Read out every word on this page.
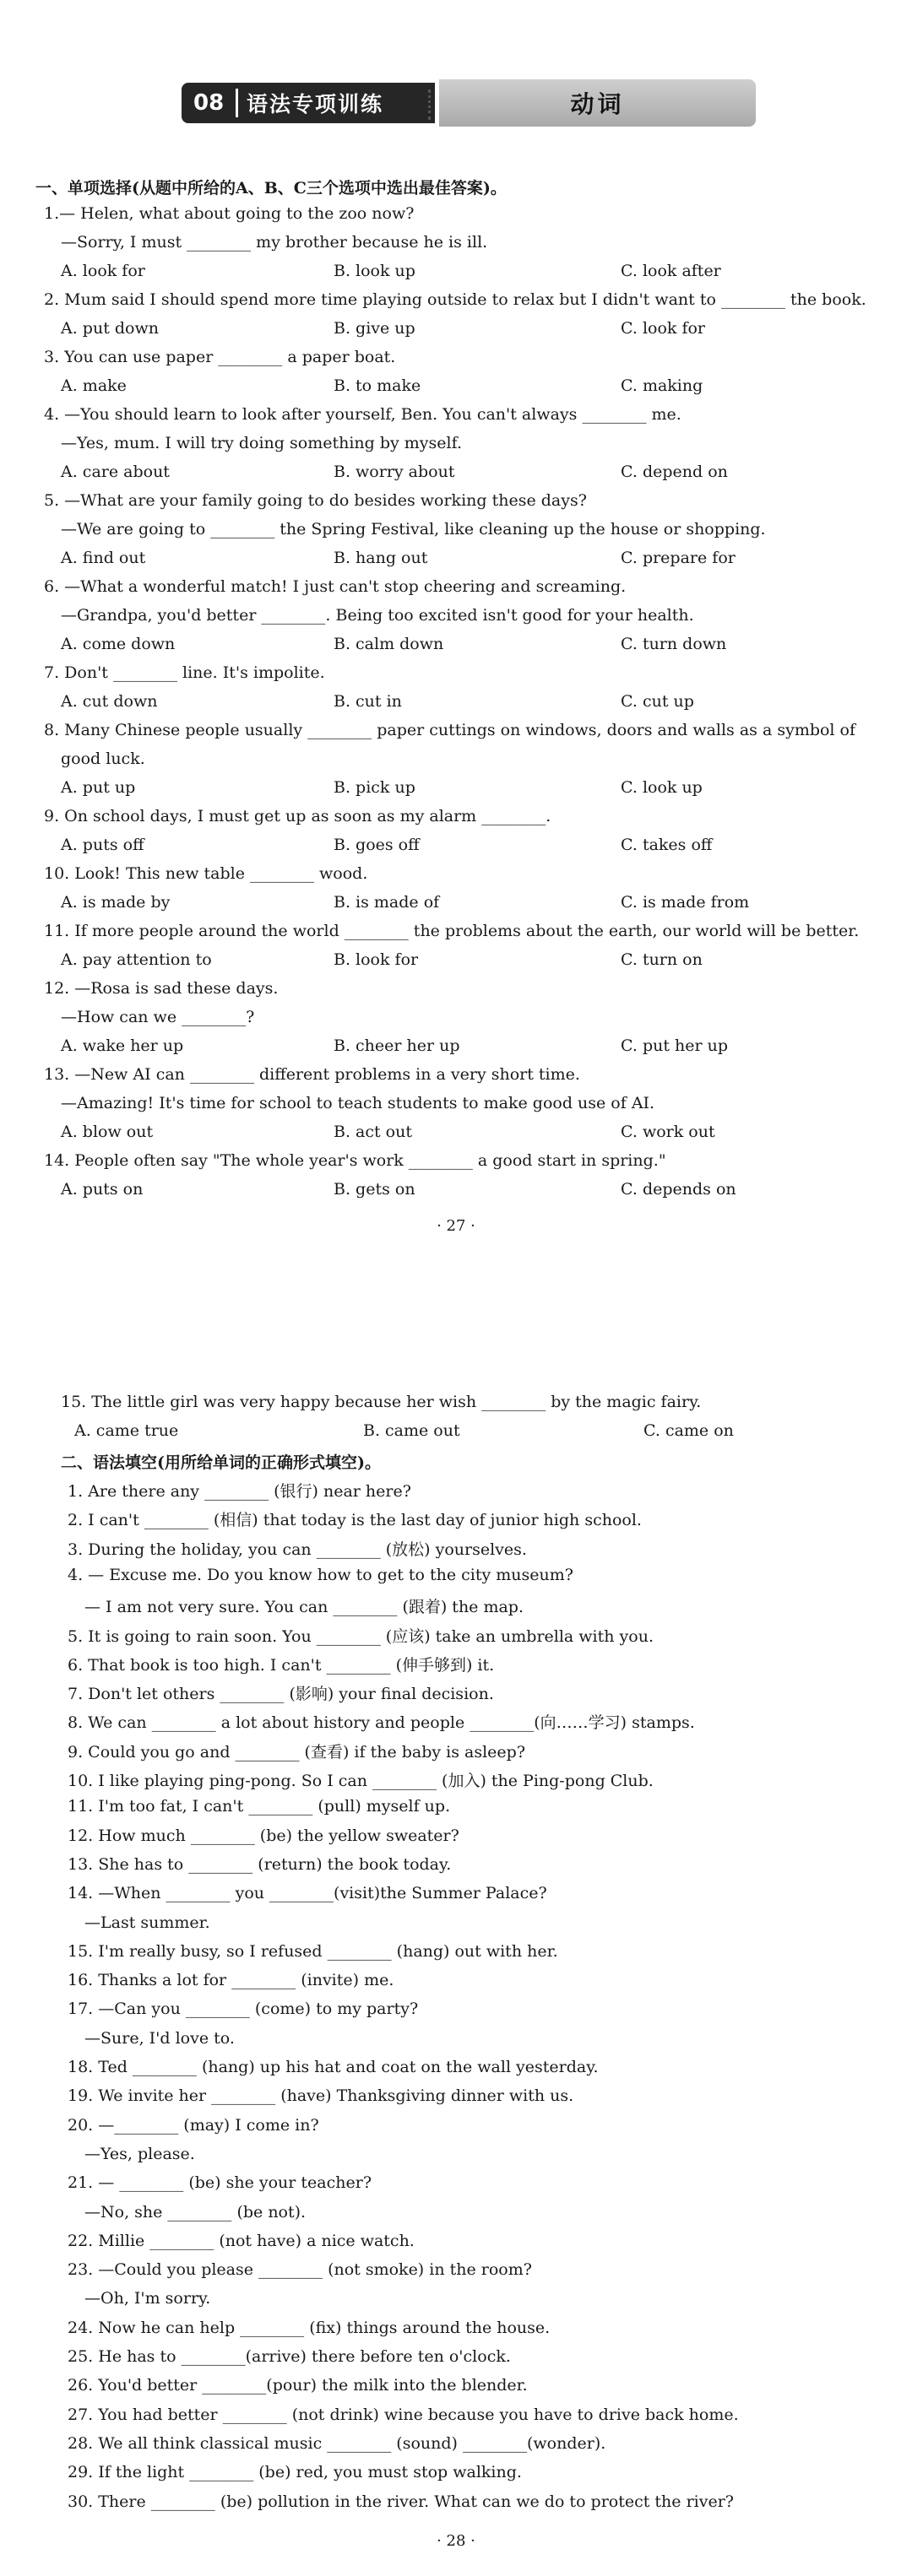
08	语法专项训练	动词
· 27 ·
· 28 ·
一、单项选择(从题中所给的A、B、C三个选项中选出最佳答案)。
1.— Helen, what about going to the zoo now?
—Sorry, I must ________ my brother because he is ill.
A. look for	B. look up	C. look after
2. Mum said I should spend more time playing outside to relax but I didn't want to ________ the book.
A. put down	B. give up	C. look for
3. You can use paper ________ a paper boat.
A. make	B. to make	C. making
4. —You should learn to look after yourself, Ben. You can't always ________ me.
—Yes, mum. I will try doing something by myself.
A. care about	B. worry about	C. depend on
5. —What are your family going to do besides working these days?
—We are going to ________ the Spring Festival, like cleaning up the house or shopping.
A. find out	B. hang out	C. prepare for
6. —What a wonderful match! I just can't stop cheering and screaming.
—Grandpa, you'd better ________. Being too excited isn't good for your health.
A. come down	B. calm down	C. turn down
7. Don't ________ line. It's impolite.
A. cut down	B. cut in	C. cut up
8. Many Chinese people usually ________ paper cuttings on windows, doors and walls as a symbol of
good luck.
A. put up	B. pick up	C. look up
9. On school days, I must get up as soon as my alarm ________.
A. puts off	B. goes off	C. takes off
10. Look! This new table ________ wood.
A. is made by	B. is made of	C. is made from
11. If more people around the world ________ the problems about the earth, our world will be better.
A. pay attention to	B. look for	C. turn on
12. —Rosa is sad these days.
—How can we ________?
A. wake her up	B. cheer her up	C. put her up
13. —New AI can ________ different problems in a very short time.
—Amazing! It's time for school to teach students to make good use of AI.
A. blow out	B. act out	C. work out
14. People often say "The whole year's work ________ a good start in spring."
A. puts on	B. gets on	C. depends on
15. The little girl was very happy because her wish ________ by the magic fairy.
A. came true	B. came out	C. came on
二、语法填空(用所给单词的正确形式填空)。
1. Are there any ________ (银行) near here?
2. I can't ________ (相信) that today is the last day of junior high school.
3. During the holiday, you can ________ (放松) yourselves.
4. — Excuse me. Do you know how to get to the city museum?
— I am not very sure. You can ________ (跟着) the map.
5. It is going to rain soon. You ________ (应该) take an umbrella with you.
6. That book is too high. I can't ________ (伸手够到) it.
7. Don't let others ________ (影响) your final decision.
8. We can ________ a lot about history and people ________(向……学习) stamps.
9. Could you go and ________ (查看) if the baby is asleep?
10. I like playing ping-pong. So I can ________ (加入) the Ping-pong Club.
11. I'm too fat, I can't ________ (pull) myself up.
12. How much ________ (be) the yellow sweater?
13. She has to ________ (return) the book today.
14. —When ________ you ________(visit)the Summer Palace?
—Last summer.
15. I'm really busy, so I refused ________ (hang) out with her.
16. Thanks a lot for ________ (invite) me.
17. —Can you ________ (come) to my party?
—Sure, I'd love to.
18. Ted ________ (hang) up his hat and coat on the wall yesterday.
19. We invite her ________ (have) Thanksgiving dinner with us.
20. —________ (may) I come in?
—Yes, please.
21. — ________ (be) she your teacher?
—No, she ________ (be not).
22. Millie ________ (not have) a nice watch.
23. —Could you please ________ (not smoke) in the room?
—Oh, I'm sorry.
24. Now he can help ________ (fix) things around the house.
25. He has to ________(arrive) there before ten o'clock.
26. You'd better ________(pour) the milk into the blender.
27. You had better ________ (not drink) wine because you have to drive back home.
28. We all think classical music ________ (sound) ________(wonder).
29. If the light ________ (be) red, you must stop walking.
30. There ________ (be) pollution in the river. What can we do to protect the river?
